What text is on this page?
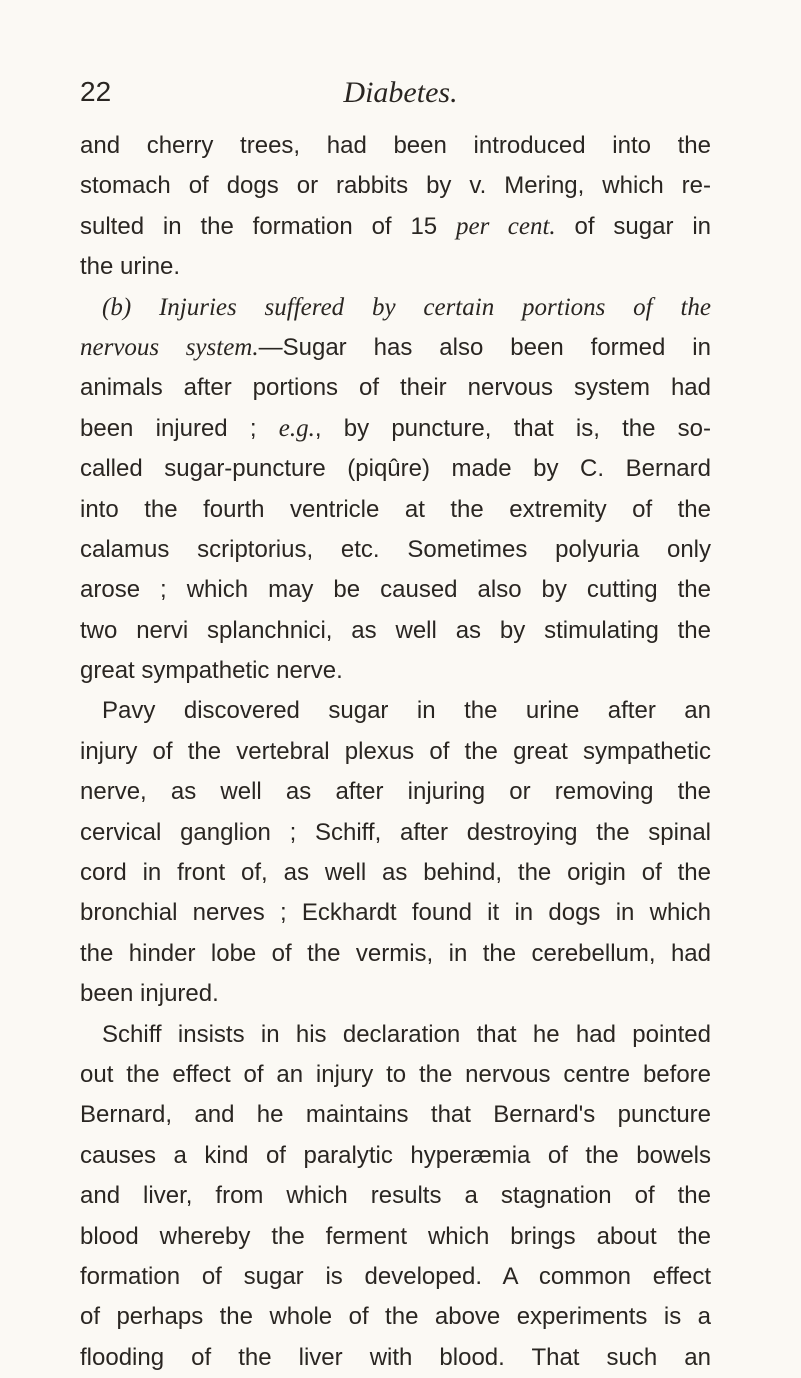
22	Diabetes.
and cherry trees, had been introduced into the
stomach of dogs or rabbits by v. Mering, which re-
sulted in the formation of 15 per cent. of sugar in
the urine.
(b) Injuries suffered by certain portions of the
nervous system.—Sugar has also been formed in
animals after portions of their nervous system had
been injured ; e.g., by puncture, that is, the so-
called sugar-puncture (piqûre) made by C. Bernard
into the fourth ventricle at the extremity of the
calamus scriptorius, etc. Sometimes polyuria only
arose ; which may be caused also by cutting the
two nervi splanchnici, as well as by stimulating the
great sympathetic nerve.
Pavy discovered sugar in the urine after an
injury of the vertebral plexus of the great sympathetic
nerve, as well as after injuring or removing the
cervical ganglion ; Schiff, after destroying the spinal
cord in front of, as well as behind, the origin of the
bronchial nerves ; Eckhardt found it in dogs in which
the hinder lobe of the vermis, in the cerebellum, had
been injured.
Schiff insists in his declaration that he had pointed
out the effect of an injury to the nervous centre before
Bernard, and he maintains that Bernard's puncture
causes a kind of paralytic hyperæmia of the bowels
and liver, from which results a stagnation of the
blood whereby the ferment which brings about the
formation of sugar is developed. A common effect
of perhaps the whole of the above experiments is a
flooding of the liver with blood. That such an
